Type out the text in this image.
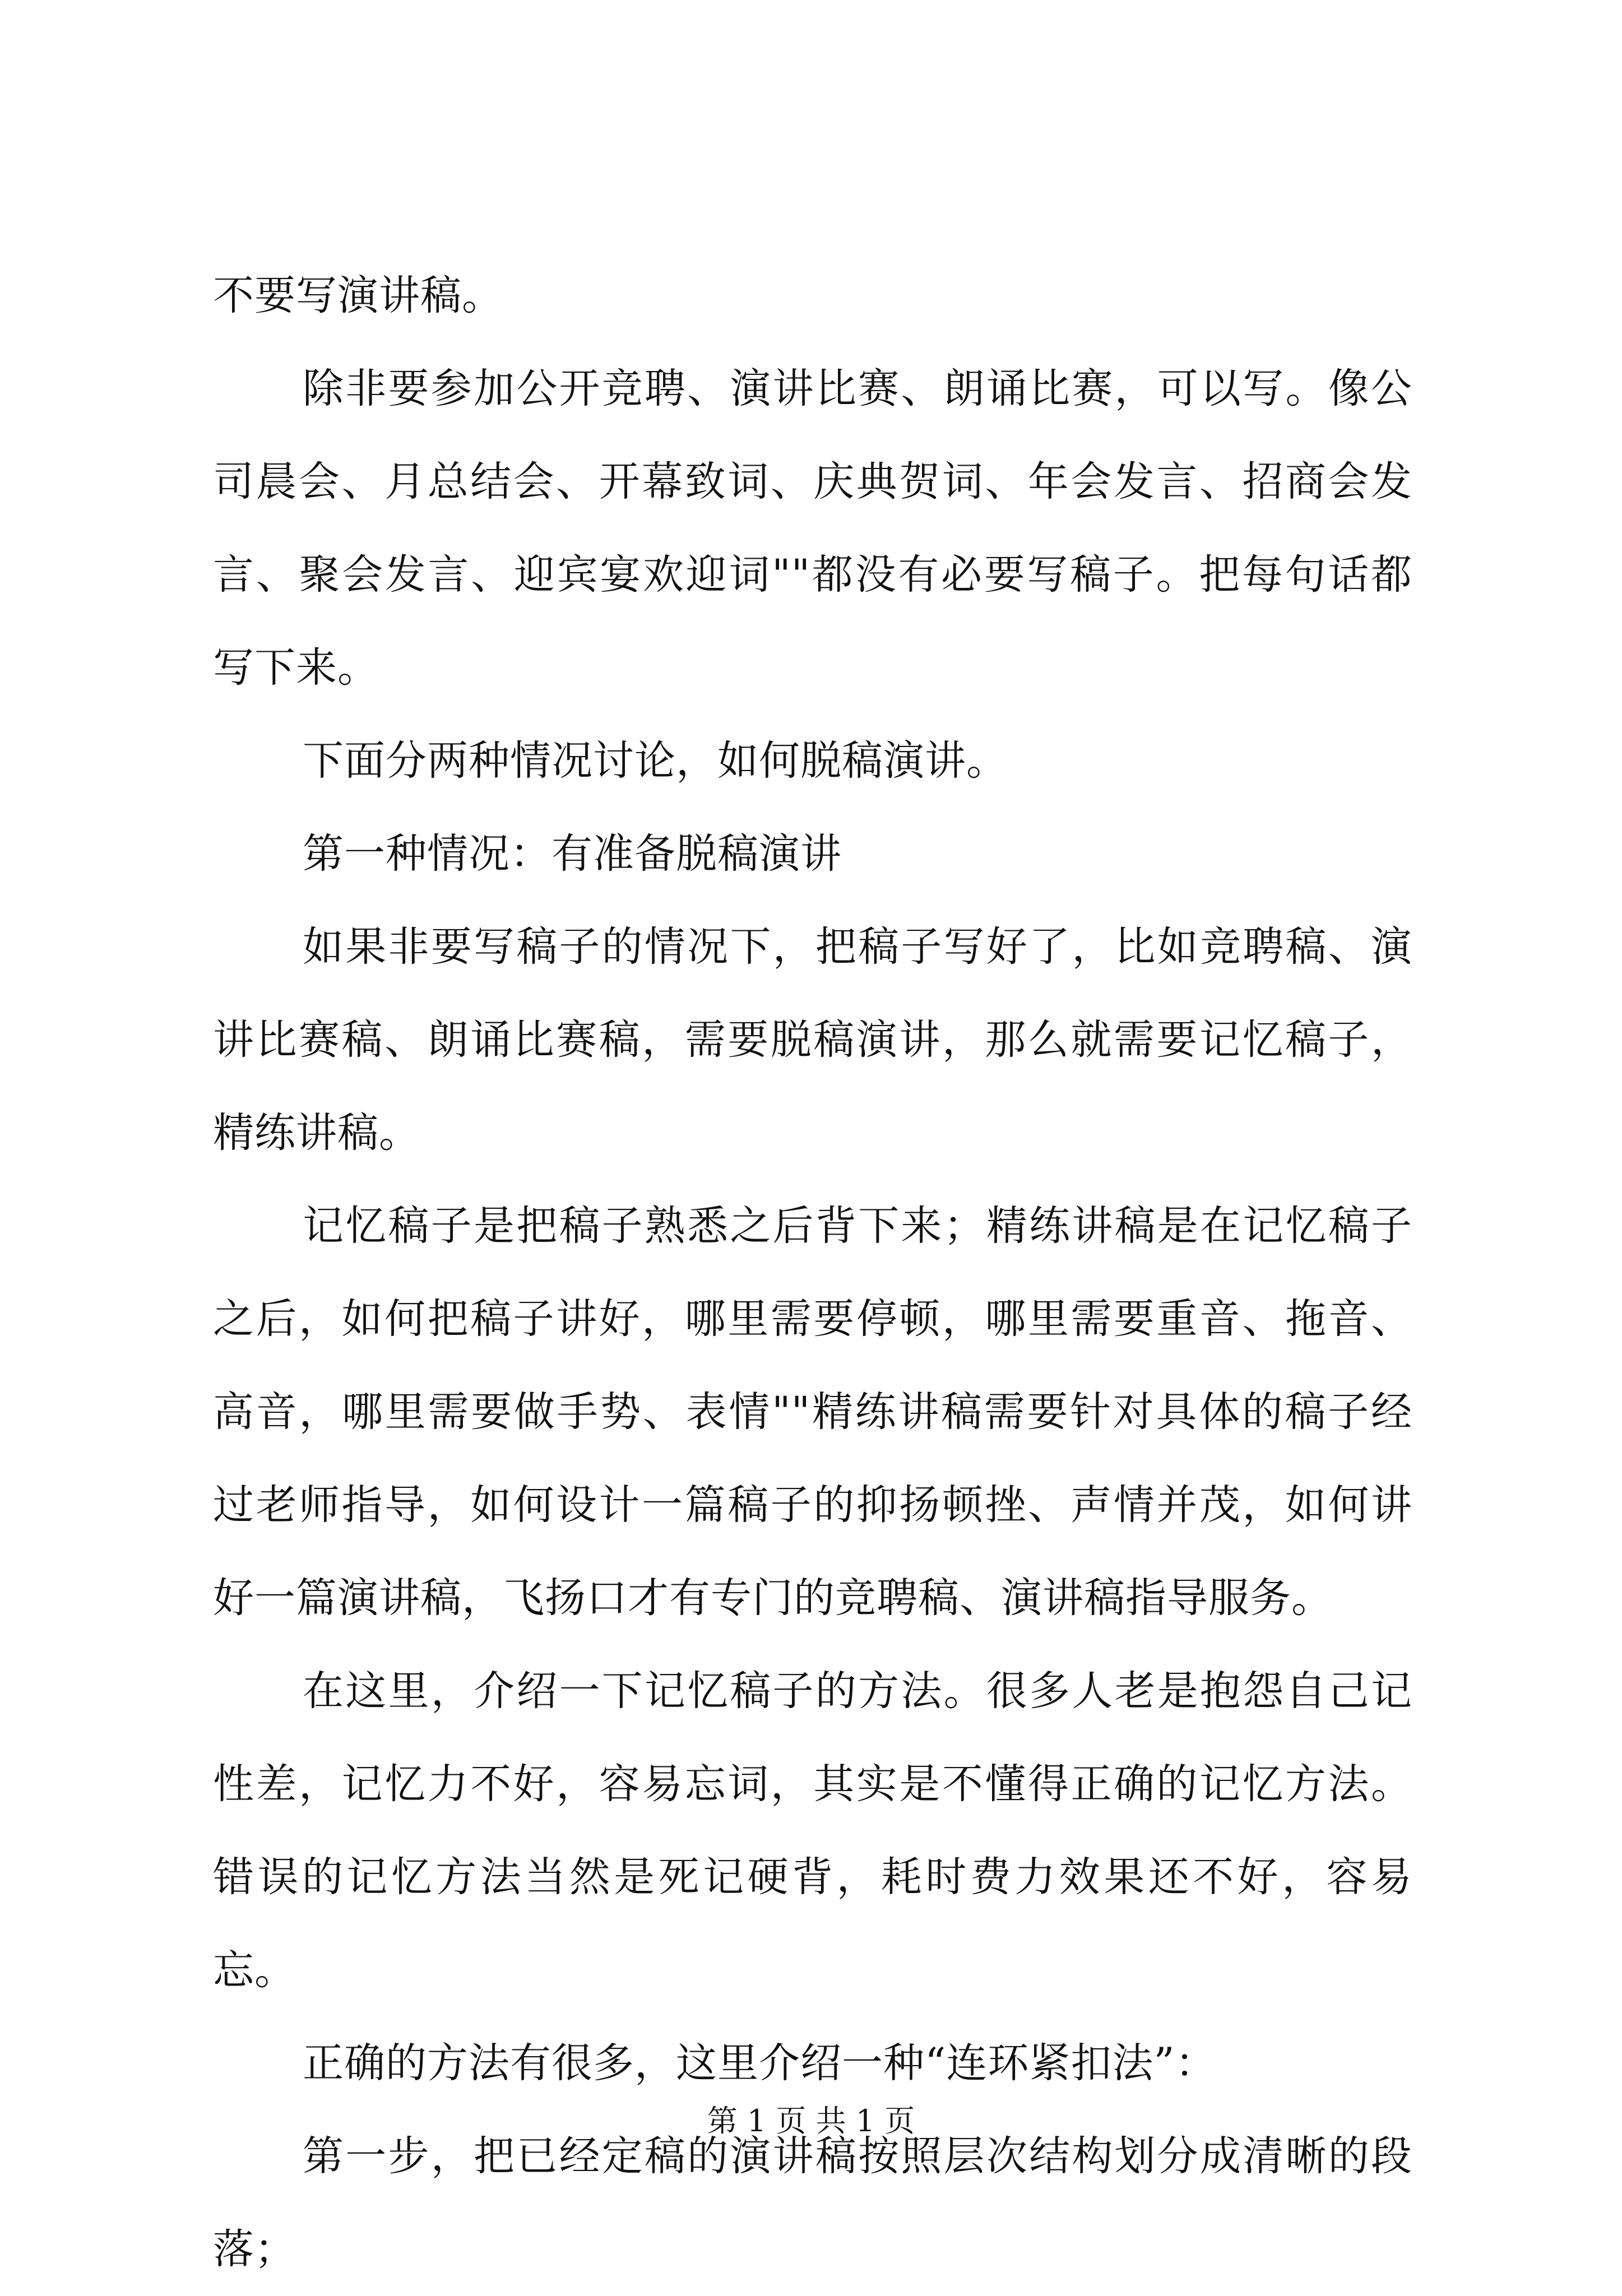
不要写演讲稿。

除非要参加公开竞聘、演讲比赛、朗诵比赛，可以写。像公司晨会、月总结会、开幕致词、庆典贺词、年会发言、招商会发言、聚会发言、迎宾宴欢迎词""都没有必要写稿子。把每句话都写下来。

下面分两种情况讨论，如何脱稿演讲。

第一种情况：有准备脱稿演讲

如果非要写稿子的情况下，把稿子写好了，比如竞聘稿、演讲比赛稿、朗诵比赛稿，需要脱稿演讲，那么就需要记忆稿子，精练讲稿。

记忆稿子是把稿子熟悉之后背下来；精练讲稿是在记忆稿子之后，如何把稿子讲好，哪里需要停顿，哪里需要重音、拖音、高音，哪里需要做手势、表情""精练讲稿需要针对具体的稿子经过老师指导，如何设计一篇稿子的抑扬顿挫、声情并茂，如何讲好一篇演讲稿，飞扬口才有专门的竞聘稿、演讲稿指导服务。

在这里，介绍一下记忆稿子的方法。很多人老是抱怨自己记性差，记忆力不好，容易忘词，其实是不懂得正确的记忆方法。错误的记忆方法当然是死记硬背，耗时费力效果还不好，容易忘。

正确的方法有很多，这里介绍一种“连环紧扣法”：

第一步，把已经定稿的演讲稿按照层次结构划分成清晰的段落；

第 1 页 共 1 页
